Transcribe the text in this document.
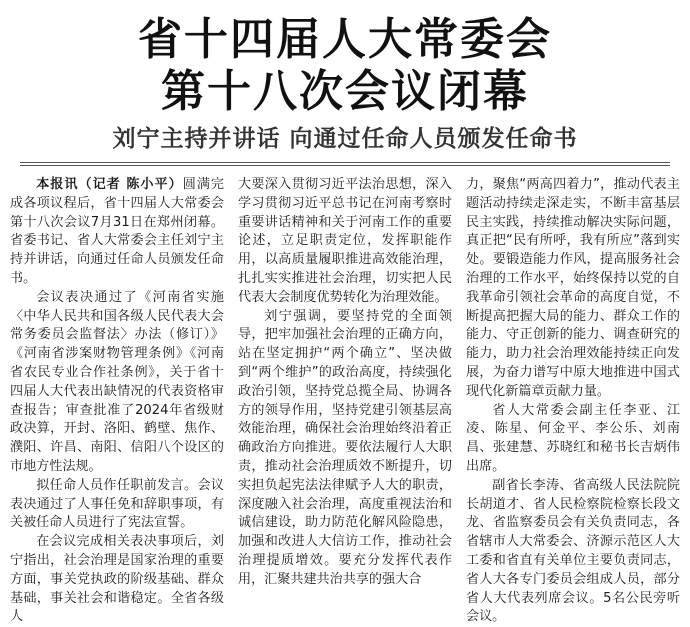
省十四届人大常委会
第十八次会议闭幕
刘宁主持并讲话 向通过任命人员颁发任命书

本报讯（记者 陈小平）圆满完成各项议程后，省十四届人大常委会第十八次会议7月31日在郑州闭幕。省委书记、省人大常委会主任刘宁主持并讲话，向通过任命人员颁发任命书。

会议表决通过了《河南省实施〈中华人民共和国各级人民代表大会常务委员会监督法〉办法（修订）》《河南省涉案财物管理条例》《河南省农民专业合作社条例》，关于省十四届人大代表出缺情况的代表资格审查报告；审查批准了2024年省级财政决算，开封、洛阳、鹤壁、焦作、濮阳、许昌、南阳、信阳八个设区的市地方性法规。

拟任命人员作任职前发言。会议表决通过了人事任免和辞职事项，有关被任命人员进行了宪法宣誓。

在会议完成相关表决事项后，刘宁指出，社会治理是国家治理的重要方面，事关党执政的阶级基础、群众基础，事关社会和谐稳定。全省各级人

大要深入贯彻习近平法治思想，深入学习贯彻习近平总书记在河南考察时重要讲话精神和关于河南工作的重要论述，立足职责定位，发挥职能作用，以高质量履职推进高效能治理，扎扎实实推进社会治理，切实把人民代表大会制度优势转化为治理效能。

刘宁强调，要坚持党的全面领导，把牢加强社会治理的正确方向，站在坚定拥护“两个确立”、坚决做到“两个维护”的政治高度，持续强化政治引领，坚持党总揽全局、协调各方的领导作用，坚持党建引领基层高效能治理，确保社会治理始终沿着正确政治方向推进。要依法履行人大职责，推动社会治理质效不断提升，切实担负起宪法法律赋予人大的职责，深度融入社会治理，高度重视法治和诚信建设，助力防范化解风险隐患，加强和改进人大信访工作，推动社会治理提质增效。要充分发挥代表作用，汇聚共建共治共享的强大合

力，聚焦“两高四着力”，推动代表主题活动持续走深走实，不断丰富基层民主实践，持续推动解决实际问题，真正把“民有所呼，我有所应”落到实处。要锻造能力作风，提高服务社会治理的工作水平，始终保持以党的自我革命引领社会革命的高度自觉，不断提高把握大局的能力、群众工作的能力、守正创新的能力、调查研究的能力，助力社会治理效能持续正向发展，为奋力谱写中原大地推进中国式现代化新篇章贡献力量。

省人大常委会副主任李亚、江凌、陈星、何金平、李公乐、刘南昌、张建慧、苏晓红和秘书长吉炳伟出席。

副省长李涛、省高级人民法院院长胡道才、省人民检察院检察长段文龙、省监察委员会有关负责同志，各省辖市人大常委会、济源示范区人大工委和省直有关单位主要负责同志，省人大各专门委员会组成人员，部分省人大代表列席会议。5名公民旁听会议。
